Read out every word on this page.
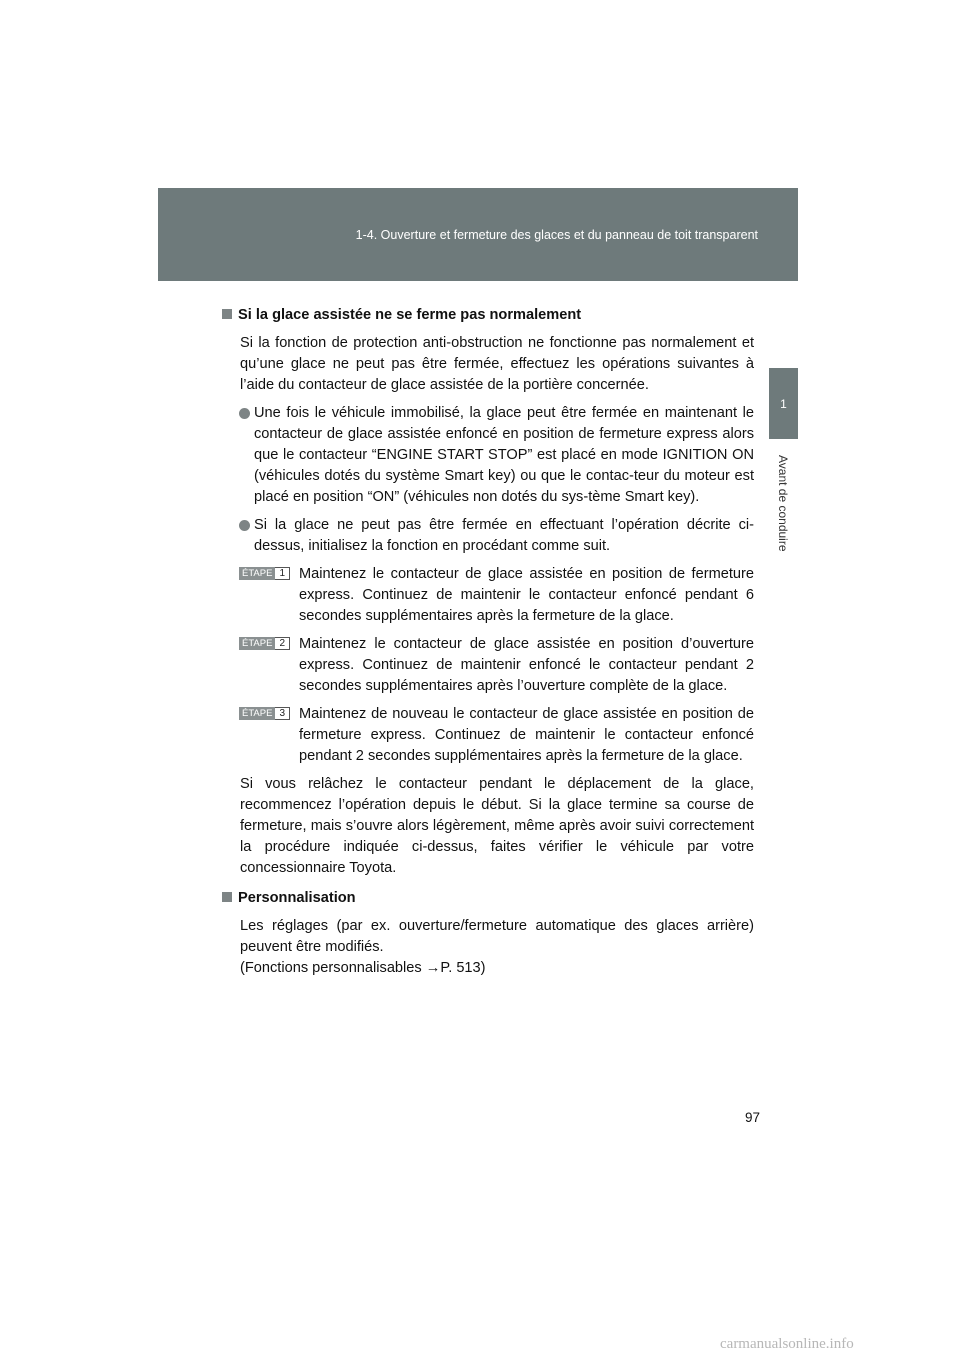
1-4. Ouverture et fermeture des glaces et du panneau de toit transparent
1
Avant de conduire

Si la glace assistée ne se ferme pas normalement

Si la fonction de protection anti-obstruction ne fonctionne pas normalement et qu’une glace ne peut pas être fermée, effectuez les opérations suivantes à l’aide du contacteur de glace assistée de la portière concernée.

Une fois le véhicule immobilisé, la glace peut être fermée en maintenant le contacteur de glace assistée enfoncé en position de fermeture express alors que le contacteur “ENGINE START STOP” est placé en mode IGNITION ON (véhicules dotés du système Smart key) ou que le contac-teur du moteur est placé en position “ON” (véhicules non dotés du sys-tème Smart key).
Si la glace ne peut pas être fermée en effectuant l’opération décrite ci-dessus, initialisez la fonction en procédant comme suit.
ÉTAPE 1 Maintenez le contacteur de glace assistée en position de fermeture express. Continuez de maintenir le contacteur enfoncé pendant 6 secondes supplémentaires après la fermeture de la glace.
ÉTAPE 2 Maintenez le contacteur de glace assistée en position d’ouverture express. Continuez de maintenir enfoncé le contacteur pendant 2 secondes supplémentaires après l’ouverture complète de la glace.
ÉTAPE 3 Maintenez de nouveau le contacteur de glace assistée en position de fermeture express. Continuez de maintenir le contacteur enfoncé pendant 2 secondes supplémentaires après la fermeture de la glace.

Si vous relâchez le contacteur pendant le déplacement de la glace, recommencez l’opération depuis le début. Si la glace termine sa course de fermeture, mais s’ouvre alors légèrement, même après avoir suivi correctement la procédure indiquée ci-dessus, faites vérifier le véhicule par votre concessionnaire Toyota.

Personnalisation

Les réglages (par ex. ouverture/fermeture automatique des glaces arrière) peuvent être modifiés.
(Fonctions personnalisables →P. 513)

97
carmanualsonline.info
